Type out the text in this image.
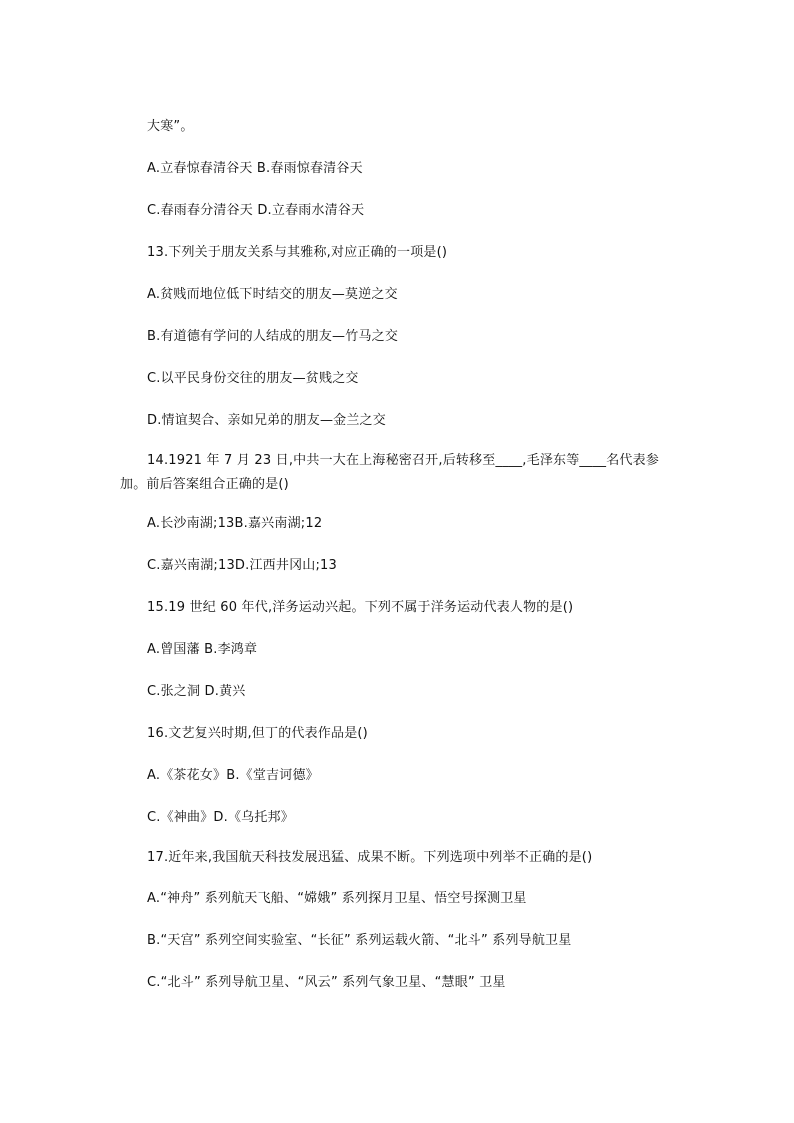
大寒”。
A.立春惊春清谷天 B.春雨惊春清谷天
C.春雨春分清谷天 D.立春雨水清谷天
13.下列关于朋友关系与其雅称,对应正确的一项是()
A.贫贱而地位低下时结交的朋友—莫逆之交
B.有道德有学问的人结成的朋友—竹马之交
C.以平民身份交往的朋友—贫贱之交
D.情谊契合、亲如兄弟的朋友—金兰之交
14.1921 年 7 月 23 日,中共一大在上海秘密召开,后转移至____,毛泽东等____名代表参加。前后答案组合正确的是()
A.长沙南湖;13B.嘉兴南湖;12
C.嘉兴南湖;13D.江西井冈山;13
15.19 世纪 60 年代,洋务运动兴起。下列不属于洋务运动代表人物的是()
A.曾国藩 B.李鸿章
C.张之洞 D.黄兴
16.文艺复兴时期,但丁的代表作品是()
A.《茶花女》B.《堂吉诃德》
C.《神曲》D.《乌托邦》
17.近年来,我国航天科技发展迅猛、成果不断。下列选项中列举不正确的是()
A.“神舟” 系列航天飞船、“嫦娥” 系列探月卫星、悟空号探测卫星
B.“天宫” 系列空间实验室、“长征” 系列运载火箭、“北斗” 系列导航卫星
C.“北斗” 系列导航卫星、“风云” 系列气象卫星、“慧眼” 卫星
